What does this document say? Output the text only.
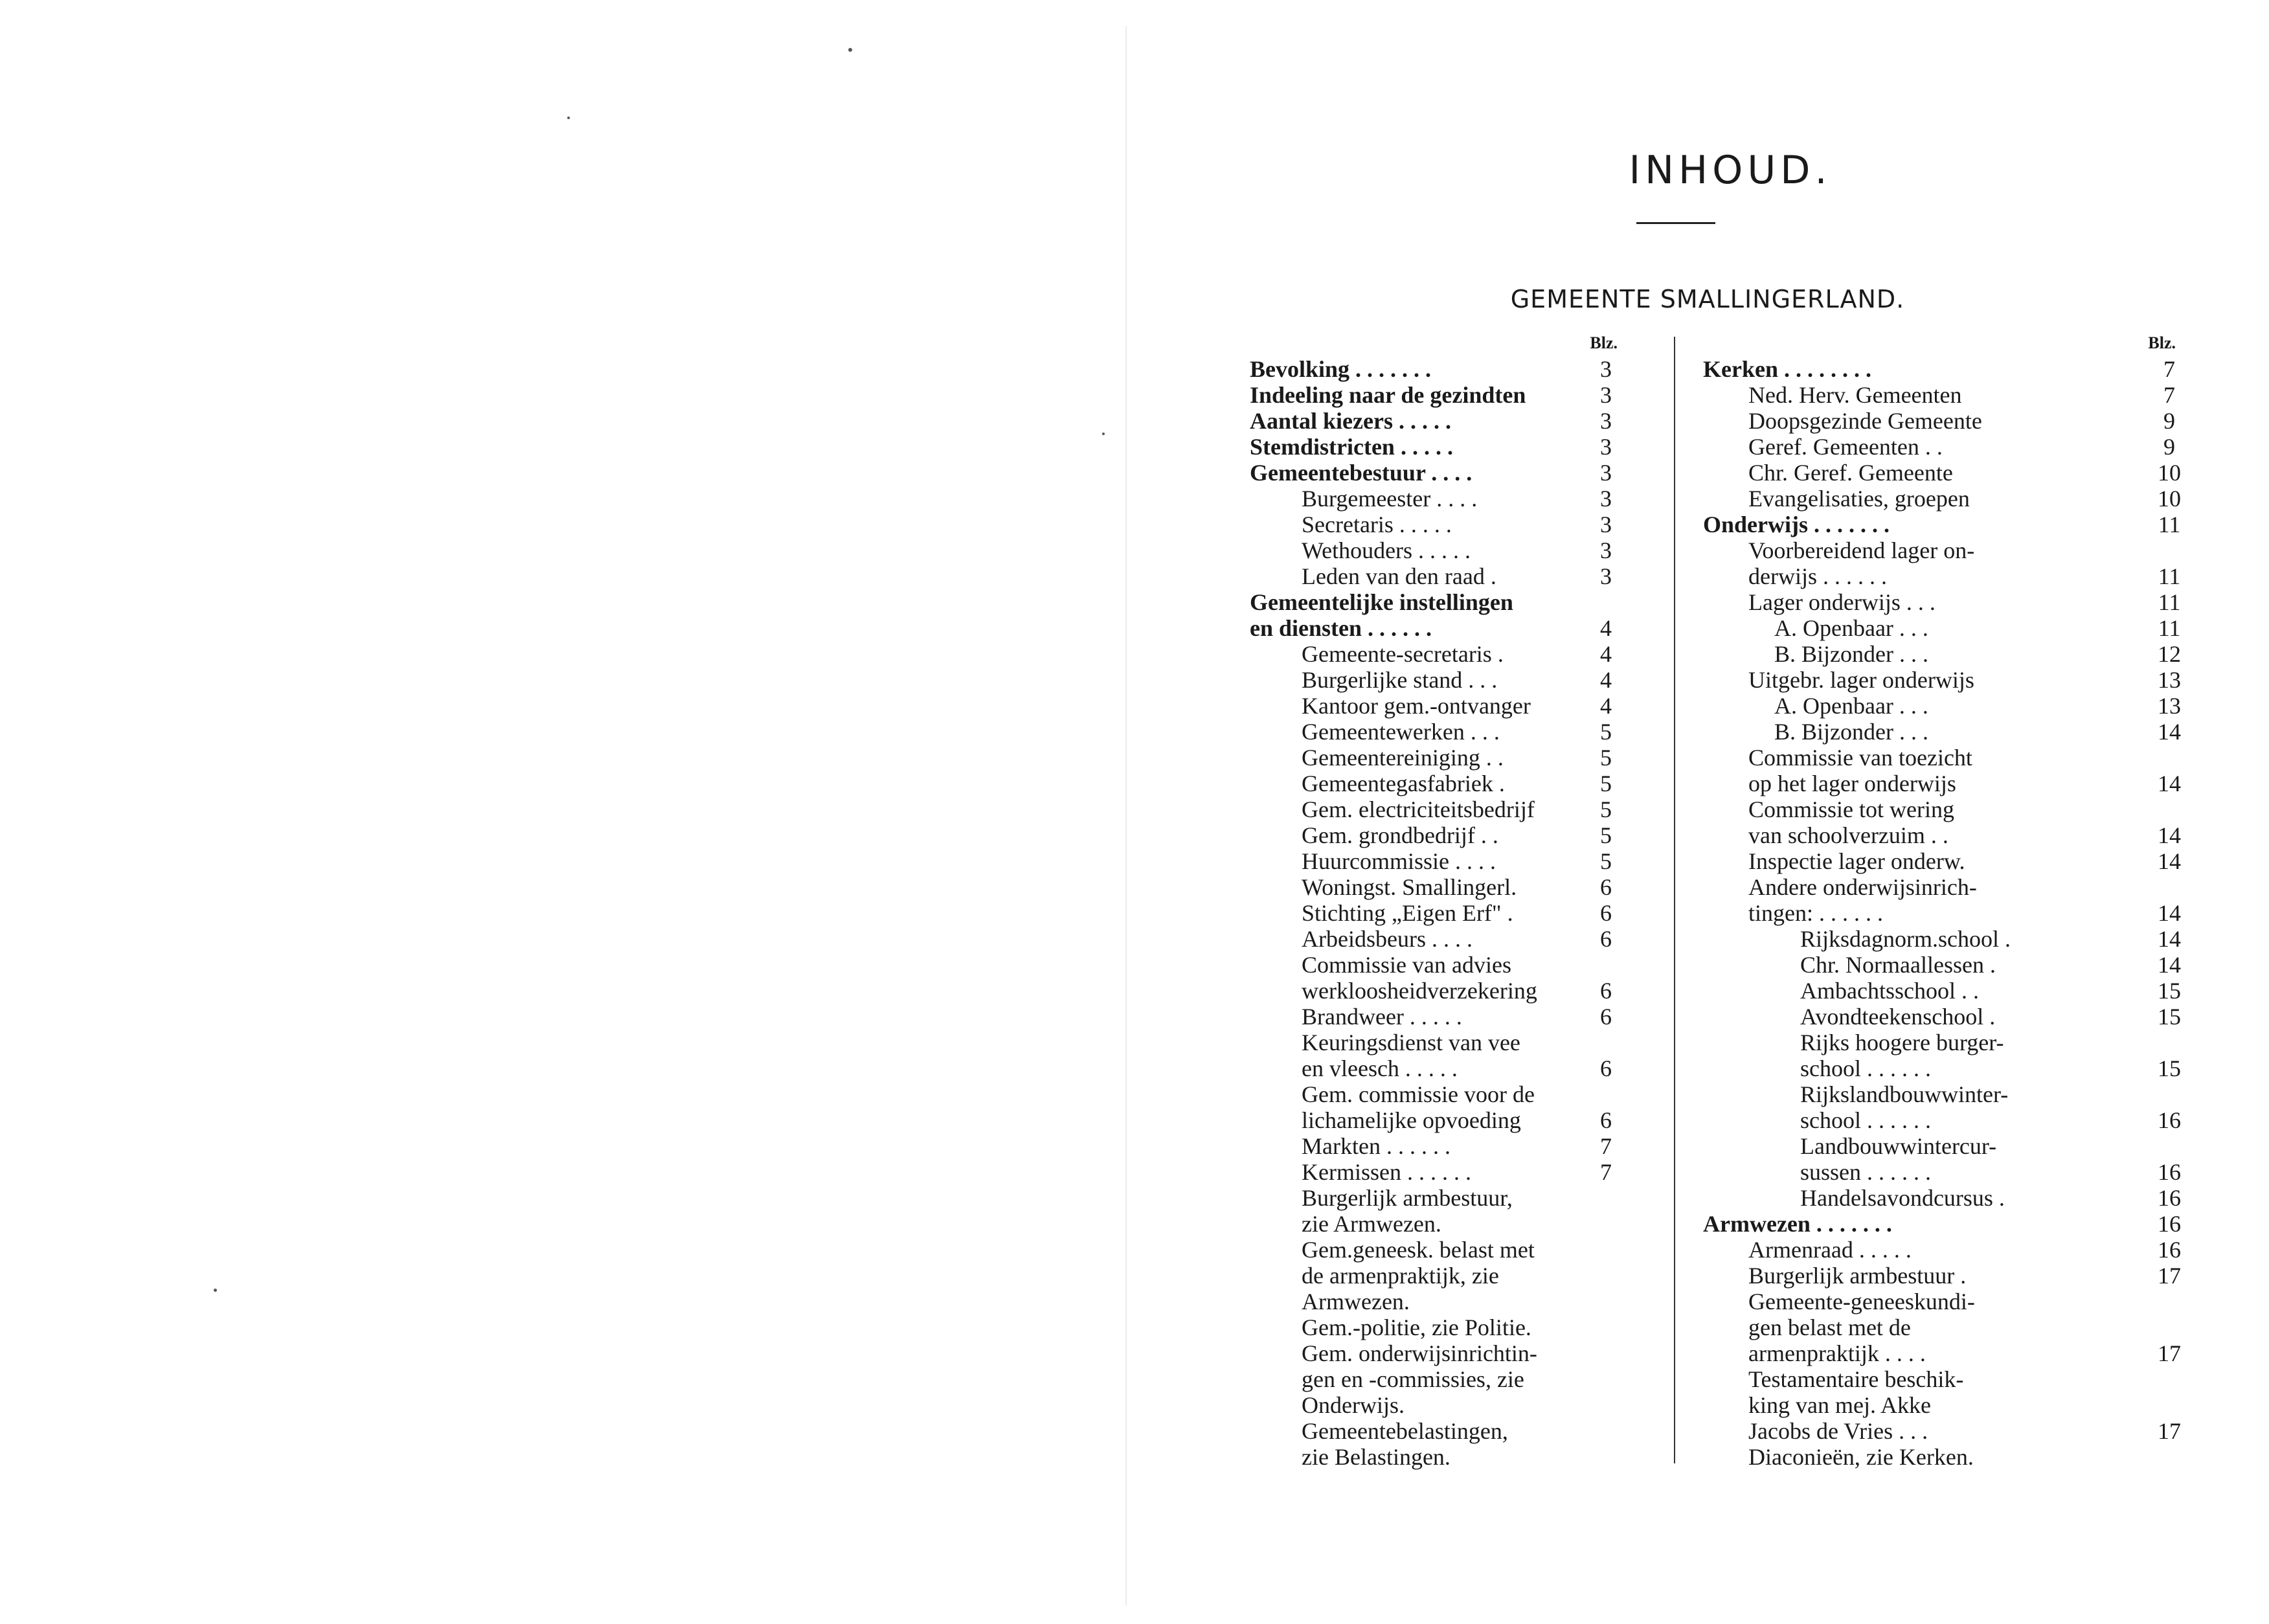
INHOUD.
GEMEENTE SMALLINGERLAND.
Blz.
Bevolking . . . . . . .	3
Indeeling naar de gezindten	3
Aantal kiezers . . . . .	3
Stemdistricten . . . . .	3
Gemeentebestuur . . . .	3
Burgemeester . . . .	3
Secretaris . . . . .	3
Wethouders . . . . .	3
Leden van den raad .	3
Gemeentelijke instellingen
en diensten . . . . . .	4
Gemeente-secretaris .	4
Burgerlijke stand . . .	4
Kantoor gem.-ontvanger	4
Gemeentewerken . . .	5
Gemeentereiniging . .	5
Gemeentegasfabriek .	5
Gem. electriciteitsbedrijf	5
Gem. grondbedrijf . .	5
Huurcommissie . . . .	5
Woningst. Smallingerl.	6
Stichting „Eigen Erf" .	6
Arbeidsbeurs . . . .	6
Commissie van advies
werkloosheidverzekering	6
Brandweer . . . . .	6
Keuringsdienst van vee
en vleesch . . . . .	6
Gem. commissie voor de
lichamelijke opvoeding	6
Markten . . . . . .	7
Kermissen . . . . . .	7
Burgerlijk armbestuur,
zie Armwezen.
Gem.geneesk. belast met
de armenpraktijk, zie
Armwezen.
Gem.-politie, zie Politie.
Gem. onderwijsinrichtin-
gen en -commissies, zie
Onderwijs.
Gemeentebelastingen,
zie Belastingen.
Blz.
Kerken . . . . . . . .	7
Ned. Herv. Gemeenten	7
Doopsgezinde Gemeente	9
Geref. Gemeenten . .	9
Chr. Geref. Gemeente	10
Evangelisaties, groepen	10
Onderwijs . . . . . . .	11
Voorbereidend lager on-
derwijs . . . . . .	11
Lager onderwijs . . .	11
A. Openbaar . . .	11
B. Bijzonder . . .	12
Uitgebr. lager onderwijs	13
A. Openbaar . . .	13
B. Bijzonder . . .	14
Commissie van toezicht
op het lager onderwijs	14
Commissie tot wering
van schoolverzuim . .	14
Inspectie lager onderw.	14
Andere onderwijsinrich-
tingen: . . . . . .	14
Rijksdagnorm.school .	14
Chr. Normaallessen .	14
Ambachtsschool . .	15
Avondteekenschool .	15
Rijks hoogere burger-
school . . . . . .	15
Rijkslandbouwwinter-
school . . . . . .	16
Landbouwwintercur-
sussen . . . . . .	16
Handelsavondcursus .	16
Armwezen . . . . . . .	16
Armenraad . . . . .	16
Burgerlijk armbestuur .	17
Gemeente-geneeskundi-
gen belast met de
armenpraktijk . . . .	17
Testamentaire beschik-
king van mej. Akke
Jacobs de Vries . . .	17
Diaconieën, zie Kerken.
